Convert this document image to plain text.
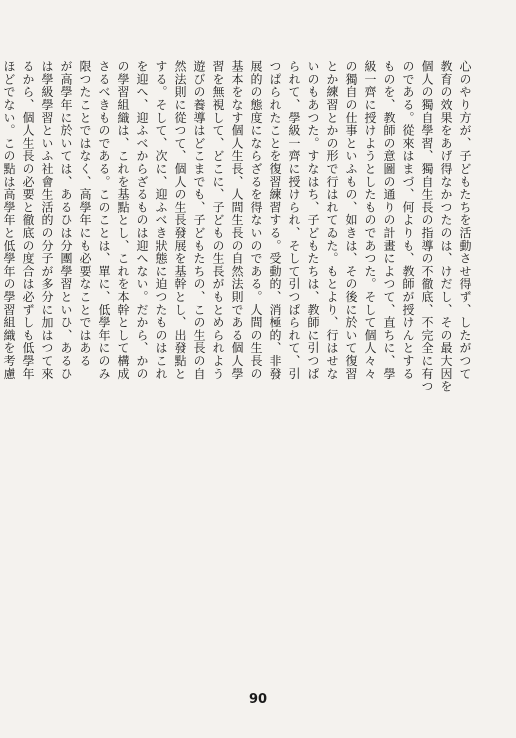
心のやり方が、子どもたちを活動させ得ず、したがつて
教育の效果をあげ得なかつたのは、けだし、その最大因を
個人の獨自學習、獨自生長の指導の不徹底、不完全に有つ
のである。從來はまづ、何よりも、教師が授けんとする
ものを、教師の意圖の通りの計畫によつて、直ちに、學
級一齊に授けようとしたものであつた。そして個人々々
の獨自の仕事といふもの、如きは、その後に於いて復習
とか練習とかの形で行はれてゐた。もとより、行はせな
いのもあつた。すなはち、子どもたちは、教師に引つぱ
られて、學級一齊に授けられ、そして引つぱられて、引
つぱられたことを復習練習する。受動的、消極的、非發
展的の態度にならざるを得ないのである。人間の生長の
基本をなす個人生長、人間生長の自然法則である個人學
習を無視して、どこに、子どもの生長がもとめられよう
遊びの養導はどこまでも、子どもたちの、この生長の自
然法則に從つて、個人の生長發展を基幹とし、出發點と
する。そして、次に、迎ふべき狀態に迫つたものはこれ
を迎へ、迎ふべからざるものは迎へない。だから、かの
の學習組織は、これを基點とし、これを本幹として構成
さるべきものである。このことは、單に、低學年にのみ
限つたことではなく、高學年にも必要なことではある
が高學年に於いては、あるひは分團學習といひ、あるひ
は學級學習といふ社會生活的の分子が多分に加はつて來
るから、個人生長の必要と徹底の度合は必ずしも低學年
ほどでない。この點は高學年と低學年の學習組織を考慮
90
